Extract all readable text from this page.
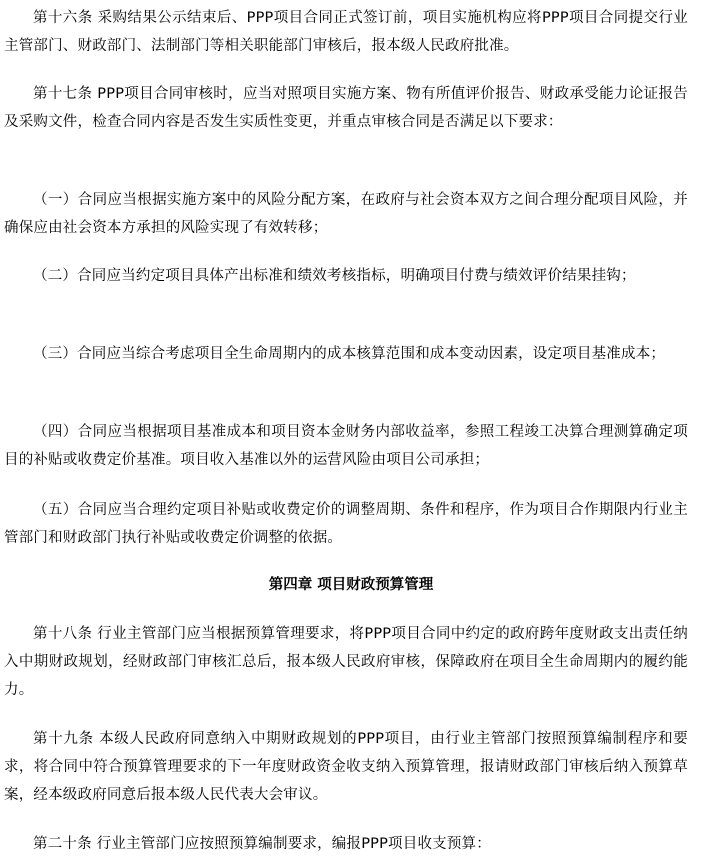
第十六条 采购结果公示结束后、PPP项目合同正式签订前，项目实施机构应将PPP项目合同提交行业主管部门、财政部门、法制部门等相关职能部门审核后，报本级人民政府批准。

第十七条 PPP项目合同审核时，应当对照项目实施方案、物有所值评价报告、财政承受能力论证报告及采购文件，检查合同内容是否发生实质性变更，并重点审核合同是否满足以下要求：

（一）合同应当根据实施方案中的风险分配方案，在政府与社会资本双方之间合理分配项目风险，并确保应由社会资本方承担的风险实现了有效转移；

（二）合同应当约定项目具体产出标准和绩效考核指标，明确项目付费与绩效评价结果挂钩；

（三）合同应当综合考虑项目全生命周期内的成本核算范围和成本变动因素，设定项目基准成本；

（四）合同应当根据项目基准成本和项目资本金财务内部收益率，参照工程竣工决算合理测算确定项目的补贴或收费定价基准。项目收入基准以外的运营风险由项目公司承担；

（五）合同应当合理约定项目补贴或收费定价的调整周期、条件和程序，作为项目合作期限内行业主管部门和财政部门执行补贴或收费定价调整的依据。

第四章 项目财政预算管理

第十八条 行业主管部门应当根据预算管理要求，将PPP项目合同中约定的政府跨年度财政支出责任纳入中期财政规划，经财政部门审核汇总后，报本级人民政府审核，保障政府在项目全生命周期内的履约能力。

第十九条 本级人民政府同意纳入中期财政规划的PPP项目，由行业主管部门按照预算编制程序和要求，将合同中符合预算管理要求的下一年度财政资金收支纳入预算管理，报请财政部门审核后纳入预算草案，经本级政府同意后报本级人民代表大会审议。

第二十条 行业主管部门应按照预算编制要求，编报PPP项目收支预算：
